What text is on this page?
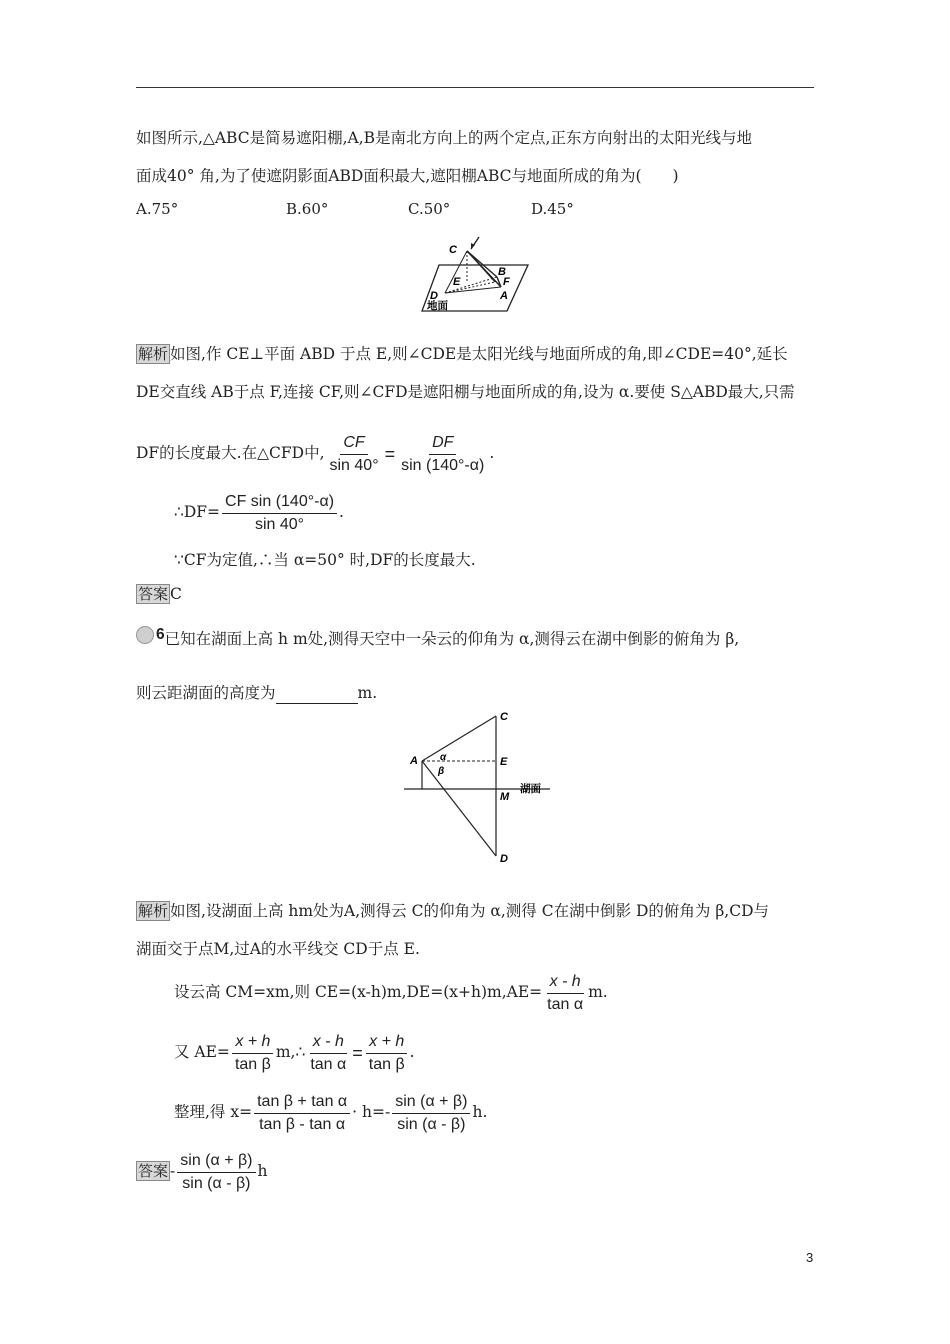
如图所示,△ABC是简易遮阳棚,A,B是南北方向上的两个定点,正东方向射出的太阳光线与地
面成40° 角,为了使遮阴影面ABD面积最大,遮阳棚ABC与地面所成的角为(　　)
A.75°	B.60°	C.50°	D.45°
C
B
E	F
D	A
地面
解析 如图,作 CE⊥平面 ABD 于点 E,则∠CDE是太阳光线与地面所成的角,即∠CDE=40°,延长
DE交直线 AB于点 F,连接 CF,则∠CFD是遮阳棚与地面所成的角,设为 α.要使 S△ABD最大,只需
DF的长度最大.在△CFD中, $\frac{CF}{\sin 40^\circ} = \frac{DF}{\sin (140^\circ-\alpha)}$ .
∴DF= $\frac{\text{CF sin (140°-α)}}{\sin 40^\circ}$ .
∵CF为定值,∴当 α=50° 时,DF的长度最大.
答案 C
6 已知在湖面上高 h m处,测得天空中一朵云的仰角为 α,测得云在湖中倒影的俯角为 β,
则云距湖面的高度为	m.
C
A α
β
E
M
湖面
D
解析 如图,设湖面上高 hm处为A,测得云 C的仰角为 α,测得 C在湖中倒影 D的俯角为 β,CD与
湖面交于点M,过A的水平线交 CD于点 E.
设云高 CM=xm,则 $CE=(x-h)m,DE=(x+h)m,AE= \frac{x - h}{\text{tan α}} m$.
又 $AE= \frac{x + h}{\text{tan β}}$ m,∴ $\frac{x - h}{\text{tan α}} = \frac{x + h}{\text{tan β}}$ .
整理,得 $x= \frac{\text{tan β + tan α}}{\text{tan β - tan α}} \cdot h=- \frac{\sin (\alpha + \beta)}{\sin (\alpha - \beta)} h$.
答案 - $\frac{\sin (\alpha + \beta)}{\sin (\alpha - \beta)}$ h
3
